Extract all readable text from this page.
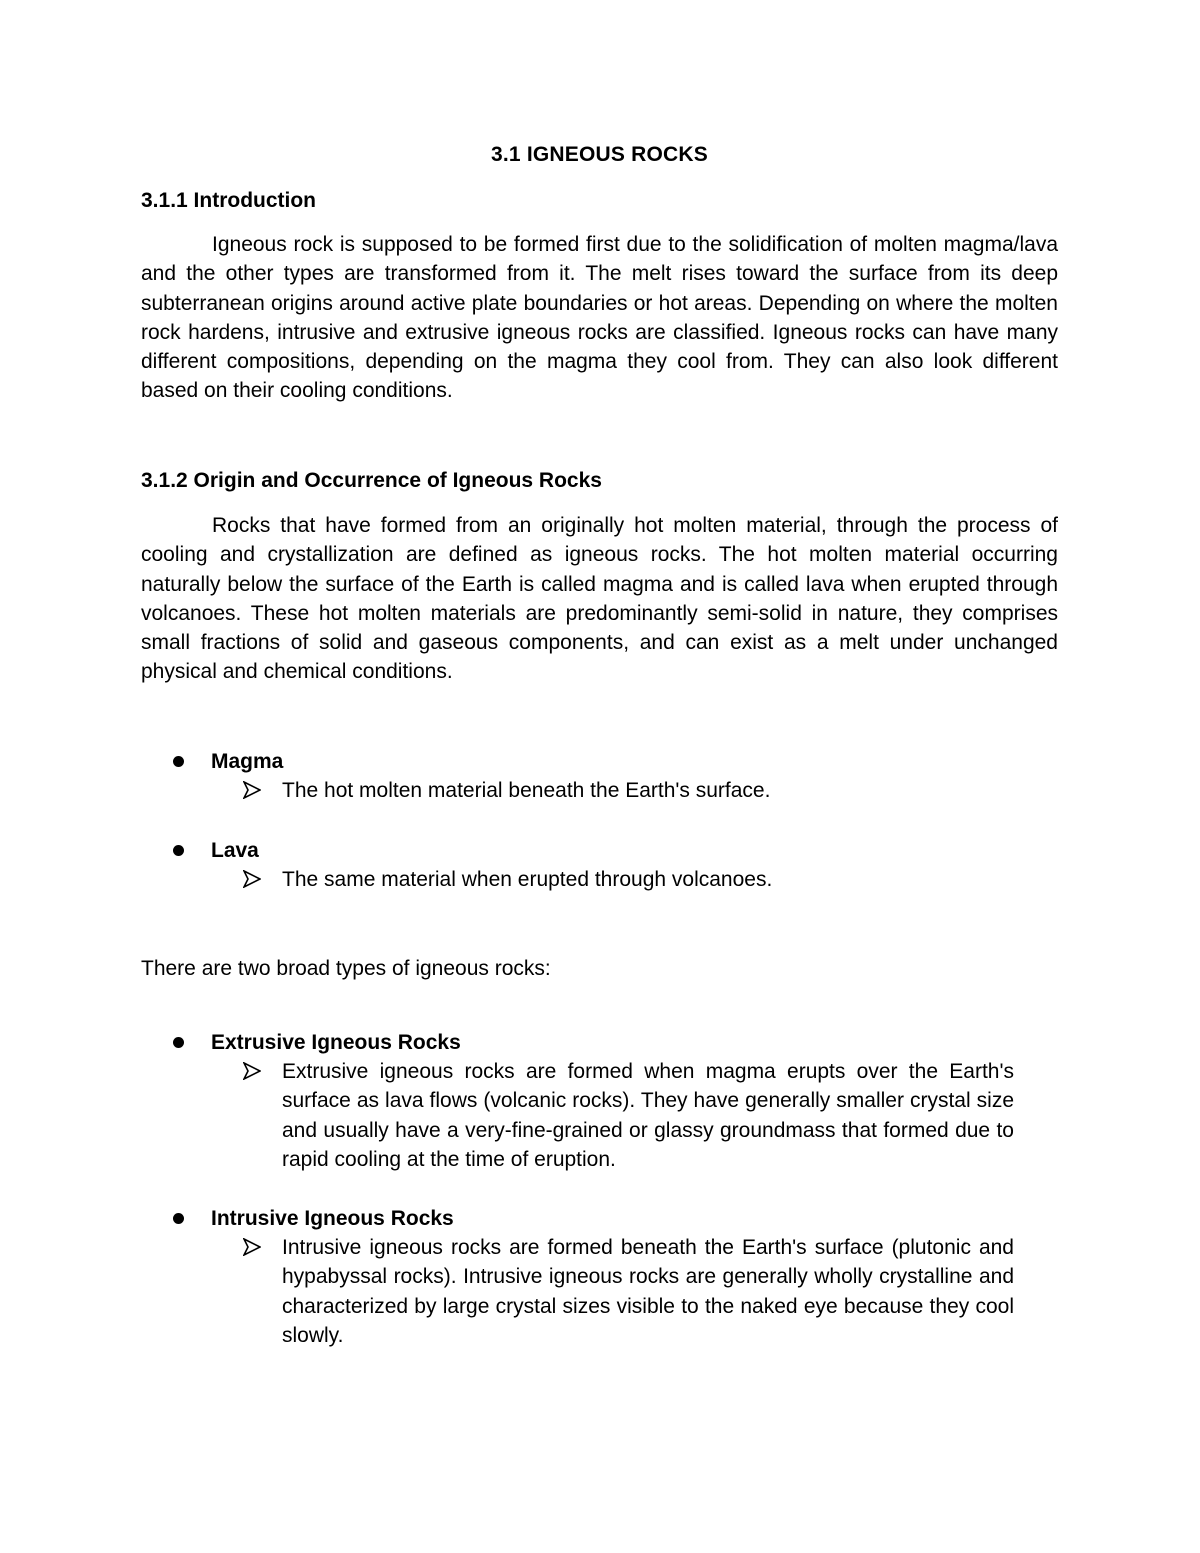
3.1 IGNEOUS ROCKS
3.1.1 Introduction

Igneous rock is supposed to be formed first due to the solidification of molten magma/lava and the other types are transformed from it. The melt rises toward the surface from its deep subterranean origins around active plate boundaries or hot areas. Depending on where the molten rock hardens, intrusive and extrusive igneous rocks are classified. Igneous rocks can have many different compositions, depending on the magma they cool from. They can also look different based on their cooling conditions.

3.1.2 Origin and Occurrence of Igneous Rocks

Rocks that have formed from an originally hot molten material, through the process of cooling and crystallization are defined as igneous rocks. The hot molten material occurring naturally below the surface of the Earth is called magma and is called lava when erupted through volcanoes. These hot molten materials are predominantly semi-solid in nature, they comprises small fractions of solid and gaseous components, and can exist as a melt under unchanged physical and chemical conditions.

Magma
The hot molten material beneath the Earth's surface.
Lava
The same material when erupted through volcanoes.
There are two broad types of igneous rocks:
Extrusive Igneous Rocks
Extrusive igneous rocks are formed when magma erupts over the Earth's surface as lava flows (volcanic rocks). They have generally smaller crystal size and usually have a very-fine-grained or glassy groundmass that formed due to rapid cooling at the time of eruption.
Intrusive Igneous Rocks
Intrusive igneous rocks are formed beneath the Earth's surface (plutonic and hypabyssal rocks). Intrusive igneous rocks are generally wholly crystalline and characterized by large crystal sizes visible to the naked eye because they cool slowly.
